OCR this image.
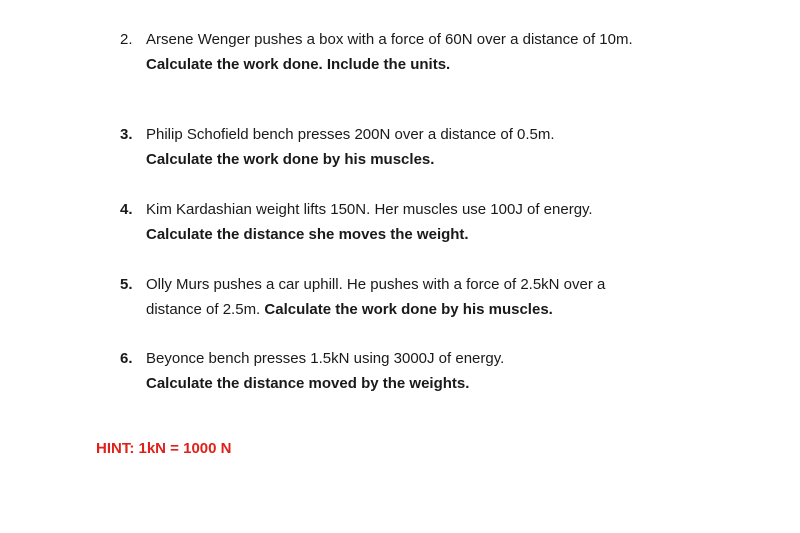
2. Arsene Wenger pushes a box with a force of 60N over a distance of 10m.
Calculate the work done. Include the units.
3. Philip Schofield bench presses 200N over a distance of 0.5m.
Calculate the work done by his muscles.
4. Kim Kardashian weight lifts 150N. Her muscles use 100J of energy.
Calculate the distance she moves the weight.
5. Olly Murs pushes a car uphill. He pushes with a force of 2.5kN over a
distance of 2.5m. Calculate the work done by his muscles.
6. Beyonce bench presses 1.5kN using 3000J of energy.
Calculate the distance moved by the weights.
HINT: 1kN = 1000 N
